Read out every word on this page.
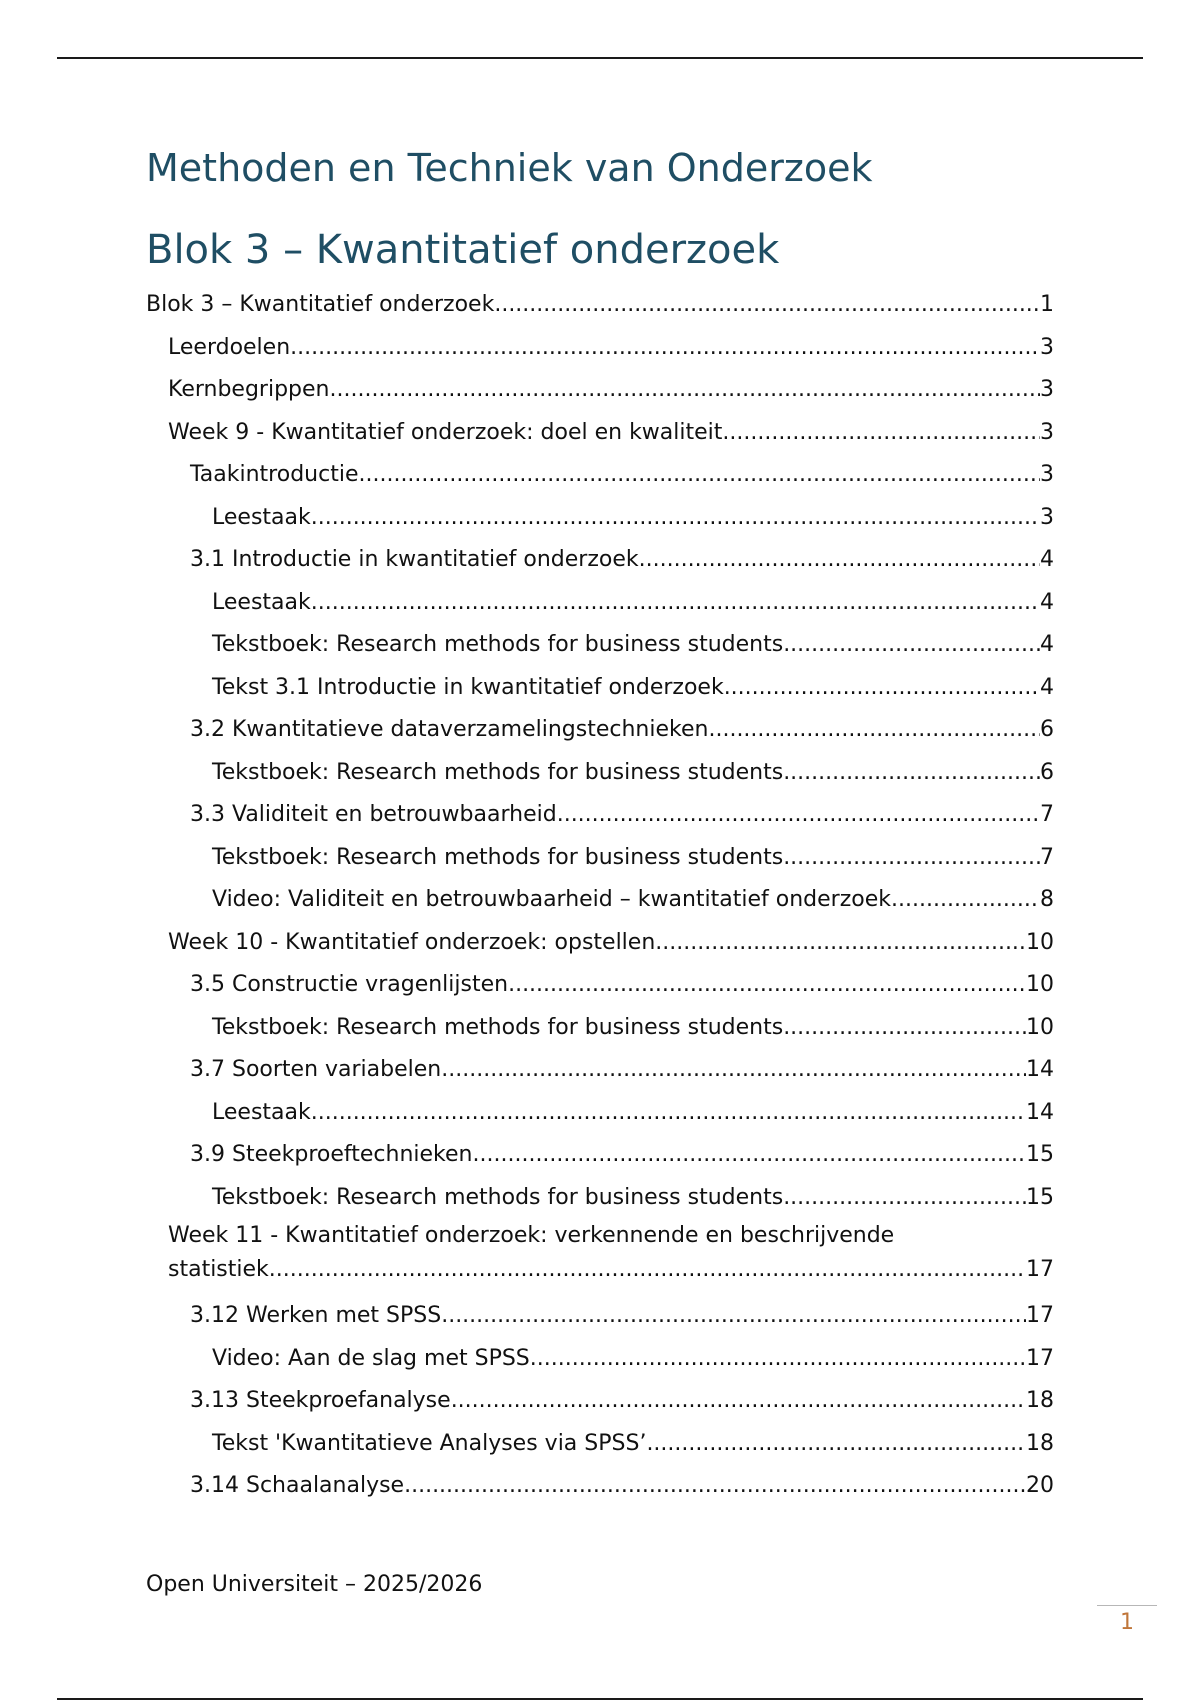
Methoden en Techniek van Onderzoek
Blok 3 – Kwantitatief onderzoek
Blok 3 – Kwantitatief onderzoek .....	1
Leerdoelen .....	3
Kernbegrippen .....	3
Week 9 - Kwantitatief onderzoek: doel en kwaliteit .....	3
Taakintroductie .....	3
Leestaak .....	3
3.1 Introductie in kwantitatief onderzoek .....	4
Leestaak .....	4
Tekstboek: Research methods for business students .....	4
Tekst 3.1 Introductie in kwantitatief onderzoek .....	4
3.2 Kwantitatieve dataverzamelingstechnieken .....	6
Tekstboek: Research methods for business students .....	6
3.3 Validiteit en betrouwbaarheid .....	7
Tekstboek: Research methods for business students .....	7
Video: Validiteit en betrouwbaarheid – kwantitatief onderzoek .....	8
Week 10 - Kwantitatief onderzoek: opstellen .....	10
3.5 Constructie vragenlijsten .....	10
Tekstboek: Research methods for business students .....	10
3.7 Soorten variabelen .....	14
Leestaak .....	14
3.9 Steekproeftechnieken .....	15
Tekstboek: Research methods for business students .....	15
Week 11 - Kwantitatief onderzoek: verkennende en beschrijvende
statistiek .....	17
3.12 Werken met SPSS .....	17
Video: Aan de slag met SPSS .....	17
3.13 Steekproefanalyse .....	18
Tekst 'Kwantitatieve Analyses via SPSS’ .....	18
3.14 Schaalanalyse .....	20
Open Universiteit – 2025/2026
1
